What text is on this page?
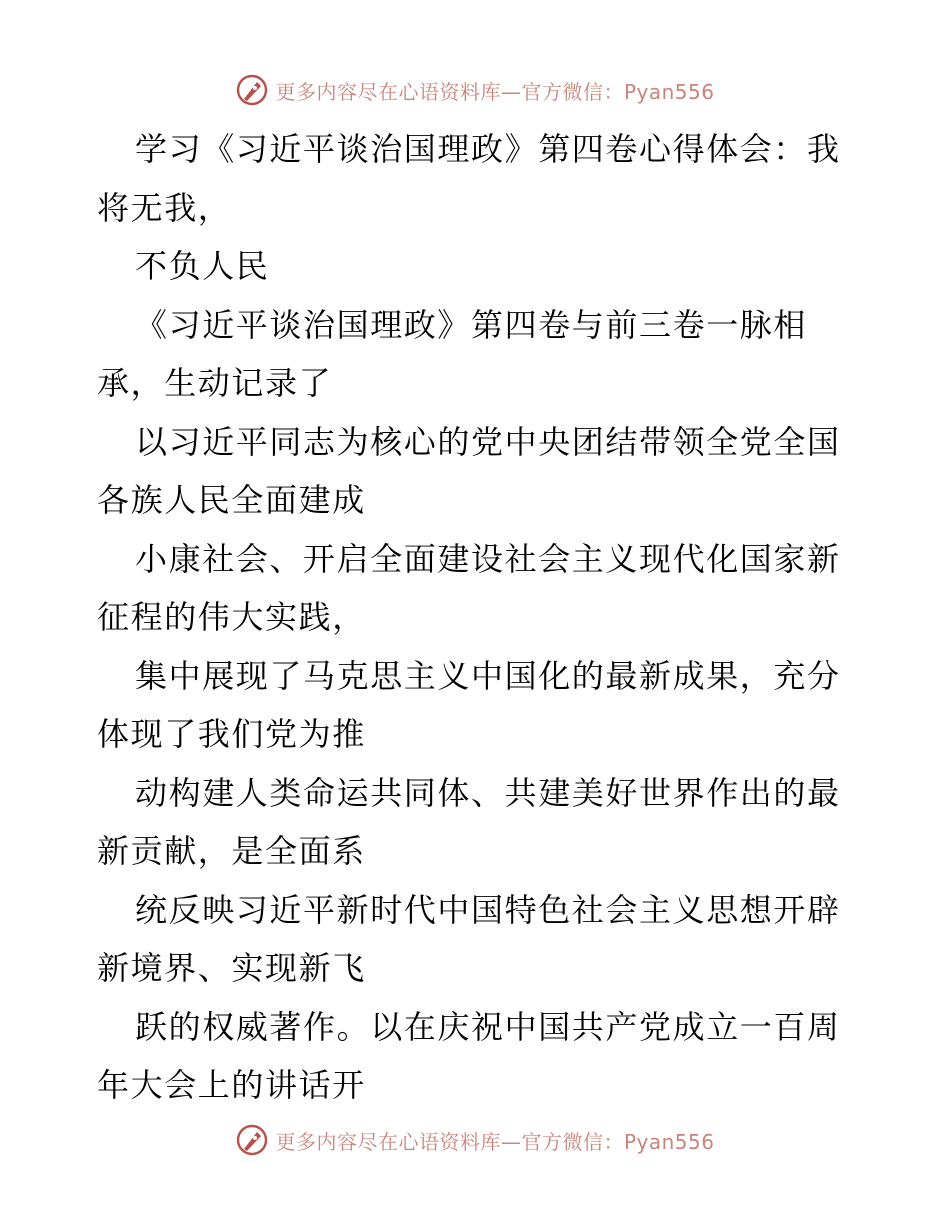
更多内容尽在心语资料库—官方微信：Pyan556

学习《习近平谈治国理政》第四卷心得体会：我将无我，

不负人民

《习近平谈治国理政》第四卷与前三卷一脉相承，生动记录了

以习近平同志为核心的党中央团结带领全党全国各族人民全面建成

小康社会、开启全面建设社会主义现代化国家新征程的伟大实践，

集中展现了马克思主义中国化的最新成果，充分体现了我们党为推

动构建人类命运共同体、共建美好世界作出的最新贡献，是全面系

统反映习近平新时代中国特色社会主义思想开辟新境界、实现新飞

跃的权威著作。以在庆祝中国共产党成立一百周年大会上的讲话开

更多内容尽在心语资料库—官方微信：Pyan556
